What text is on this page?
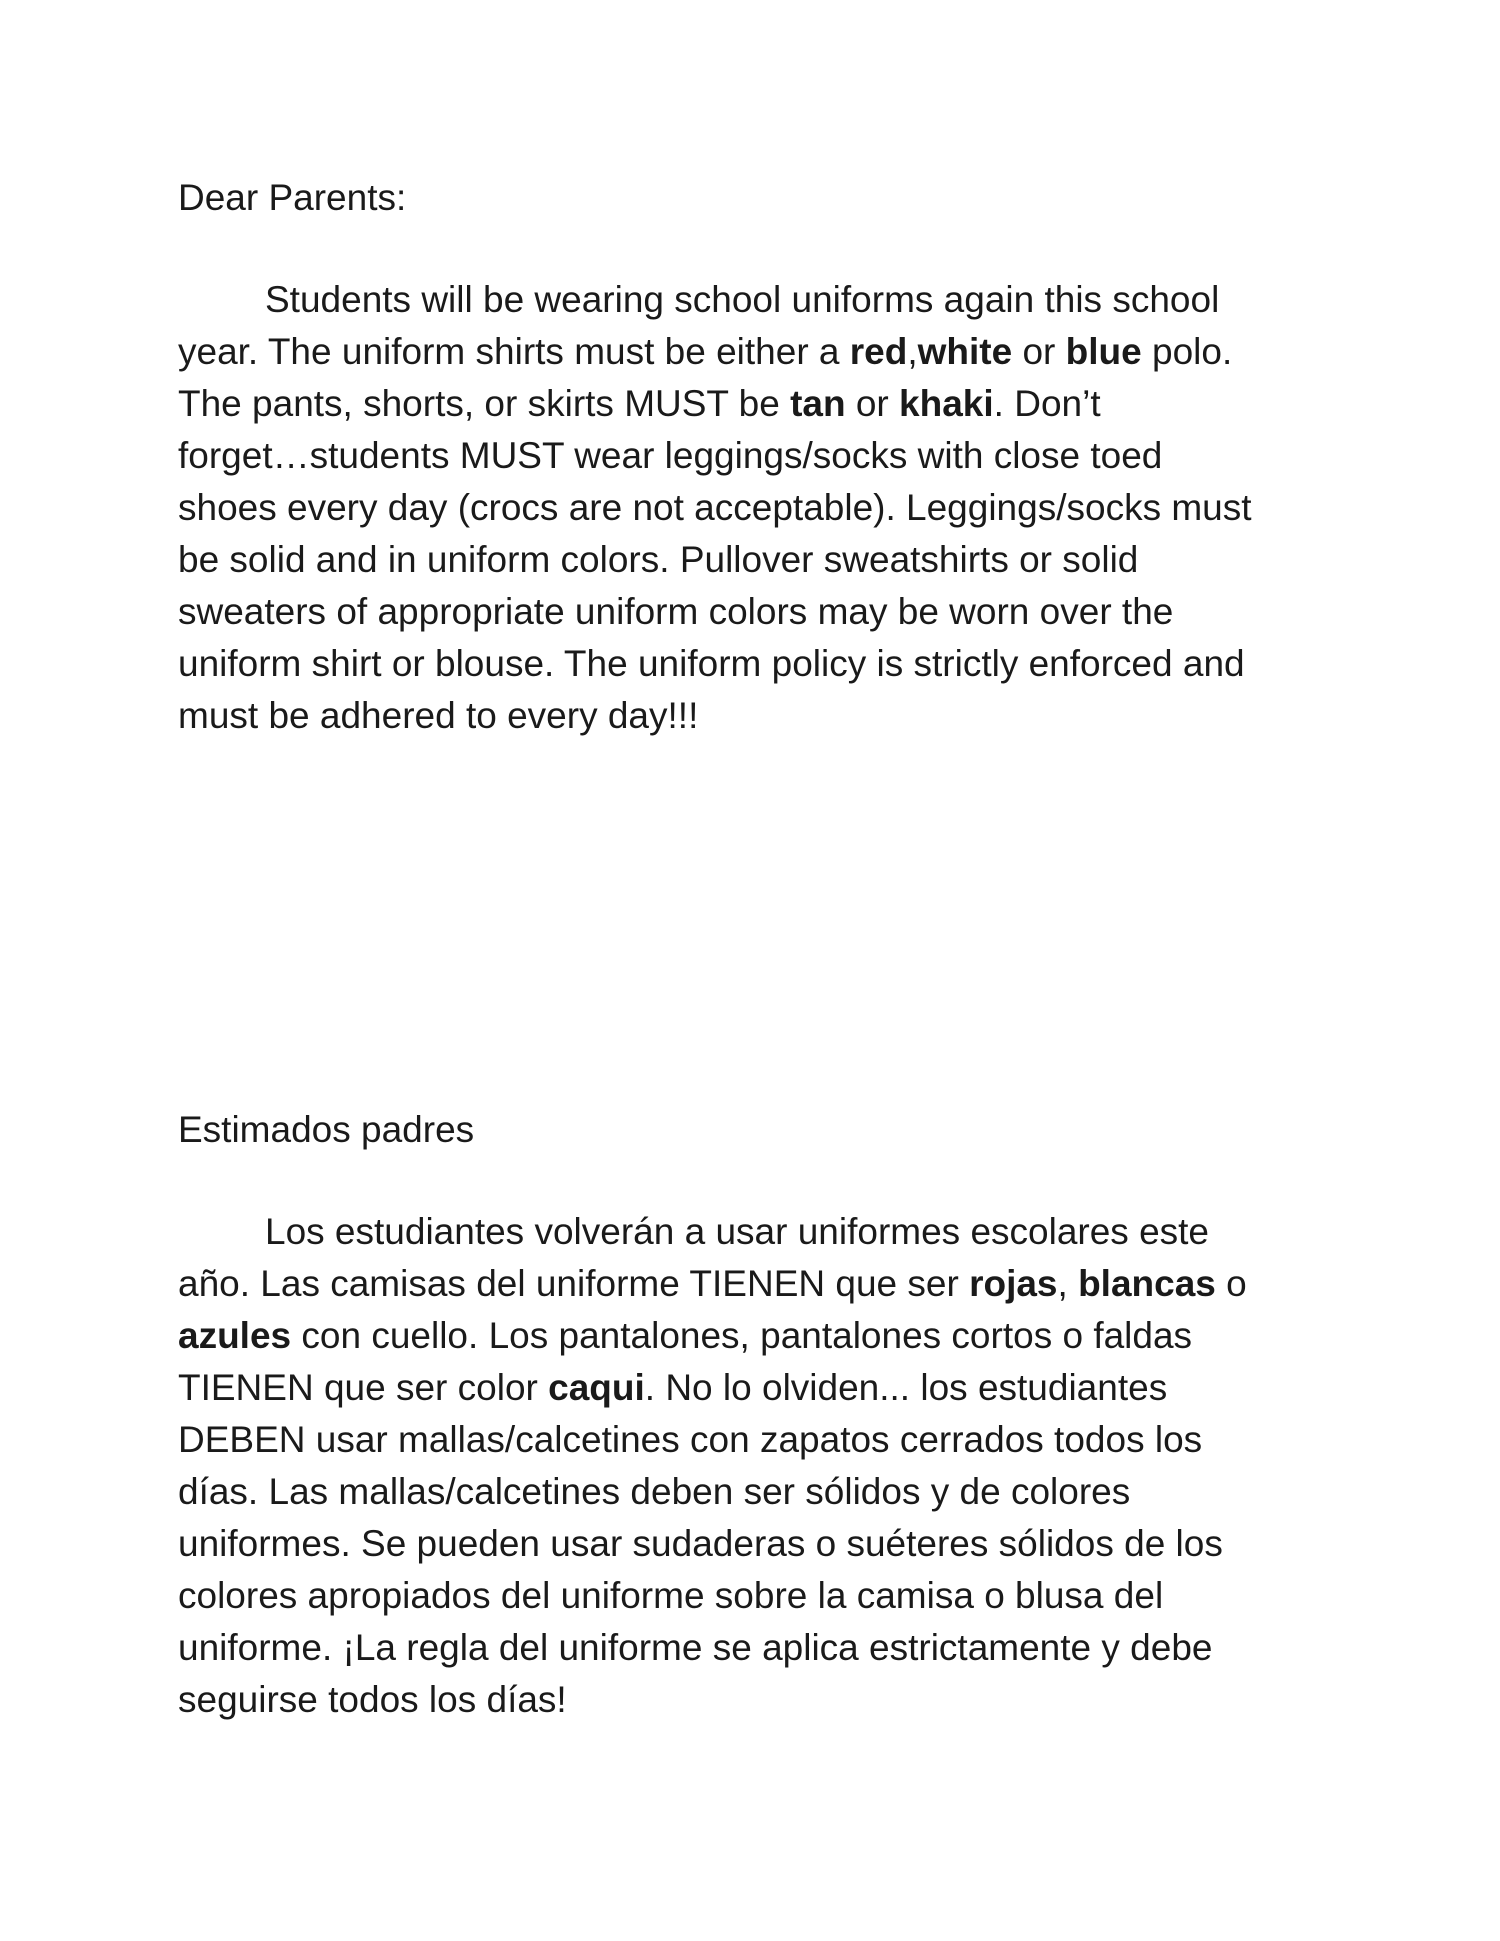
Dear Parents:

Students will be wearing school uniforms again this school
year. The uniform shirts must be either a red,white or blue polo.
The pants, shorts, or skirts MUST be tan or khaki. Don’t
forget…students MUST wear leggings/socks with close toed
shoes every day (crocs are not acceptable). Leggings/socks must
be solid and in uniform colors. Pullover sweatshirts or solid
sweaters of appropriate uniform colors may be worn over the
uniform shirt or blouse. The uniform policy is strictly enforced and
must be adhered to every day!!!

Estimados padres

Los estudiantes volverán a usar uniformes escolares este
año. Las camisas del uniforme TIENEN que ser rojas, blancas o
azules con cuello. Los pantalones, pantalones cortos o faldas
TIENEN que ser color caqui. No lo olviden... los estudiantes
DEBEN usar mallas/calcetines con zapatos cerrados todos los
días. Las mallas/calcetines deben ser sólidos y de colores
uniformes. Se pueden usar sudaderas o suéteres sólidos de los
colores apropiados del uniforme sobre la camisa o blusa del
uniforme. ¡La regla del uniforme se aplica estrictamente y debe
seguirse todos los días!
